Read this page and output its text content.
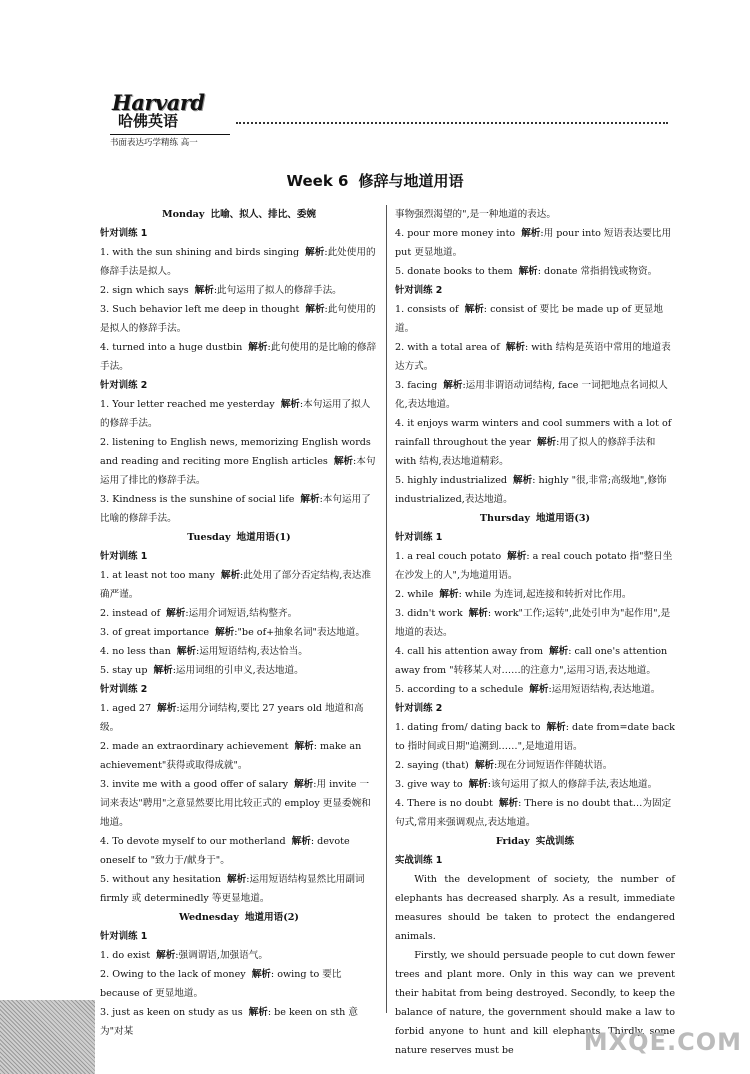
Harvard
哈佛英语
书面表达巧学精练 高一
Week 6 修辞与地道用语
Monday 比喻、拟人、排比、委婉
针对训练 1
1. with the sun shining and birds singing 解析:此处使用的修辞手法是拟人。
2. sign which says 解析:此句运用了拟人的修辞手法。
3. Such behavior left me deep in thought 解析:此句使用的是拟人的修辞手法。
4. turned into a huge dustbin 解析:此句使用的是比喻的修辞手法。
针对训练 2
1. Your letter reached me yesterday 解析:本句运用了拟人的修辞手法。
2. listening to English news, memorizing English words and reading and reciting more English articles 解析:本句运用了排比的修辞手法。
3. Kindness is the sunshine of social life 解析:本句运用了比喻的修辞手法。
Tuesday 地道用语(1)
针对训练 1
1. at least not too many 解析:此处用了部分否定结构,表达准确严谨。
2. instead of 解析:运用介词短语,结构整齐。
3. of great importance 解析:"be of+抽象名词"表达地道。
4. no less than 解析:运用短语结构,表达恰当。
5. stay up 解析:运用词组的引申义,表达地道。
针对训练 2
1. aged 27 解析:运用分词结构,要比 27 years old 地道和高级。
2. made an extraordinary achievement 解析: make an achievement"获得或取得成就"。
3. invite me with a good offer of salary 解析:用 invite 一词来表达"聘用"之意显然要比用比较正式的 employ 更显委婉和地道。
4. To devote myself to our motherland 解析: devote oneself to "致力于/献身于"。
5. without any hesitation 解析:运用短语结构显然比用副词 firmly 或 determinedly 等更显地道。
Wednesday 地道用语(2)
针对训练 1
1. do exist 解析:强调谓语,加强语气。
2. Owing to the lack of money 解析: owing to 要比 because of 更显地道。
3. just as keen on study as us 解析: be keen on sth 意为"对某
事物强烈渴望的",是一种地道的表达。
4. pour more money into 解析:用 pour into 短语表达要比用 put 更显地道。
5. donate books to them 解析: donate 常指捐钱或物资。
针对训练 2
1. consists of 解析: consist of 要比 be made up of 更显地道。
2. with a total area of 解析: with 结构是英语中常用的地道表达方式。
3. facing 解析:运用非谓语动词结构, face 一词把地点名词拟人化,表达地道。
4. it enjoys warm winters and cool summers with a lot of rainfall throughout the year 解析:用了拟人的修辞手法和 with 结构,表达地道精彩。
5. highly industrialized 解析: highly "很,非常;高级地",修饰 industrialized,表达地道。
Thursday 地道用语(3)
针对训练 1
1. a real couch potato 解析: a real couch potato 指"整日坐在沙发上的人",为地道用语。
2. while 解析: while 为连词,起连接和转折对比作用。
3. didn't work 解析: work"工作;运转",此处引申为"起作用",是地道的表达。
4. call his attention away from 解析: call one's attention away from "转移某人对……的注意力",运用习语,表达地道。
5. according to a schedule 解析:运用短语结构,表达地道。
针对训练 2
1. dating from/ dating back to 解析: date from=date back to 指时间或日期"追溯到……",是地道用语。
2. saying (that) 解析:现在分词短语作伴随状语。
3. give way to 解析:该句运用了拟人的修辞手法,表达地道。
4. There is no doubt 解析: There is no doubt that…为固定句式,常用来强调观点,表达地道。
Friday 实战训练
实战训练 1
With the development of society, the number of elephants has decreased sharply. As a result, immediate measures should be taken to protect the endangered animals.
Firstly, we should persuade people to cut down fewer trees and plant more. Only in this way can we prevent their habitat from being destroyed. Secondly, to keep the balance of nature, the government should make a law to forbid anyone to hunt and kill elephants. Thirdly, some nature reserves must be	MXQE.COM
